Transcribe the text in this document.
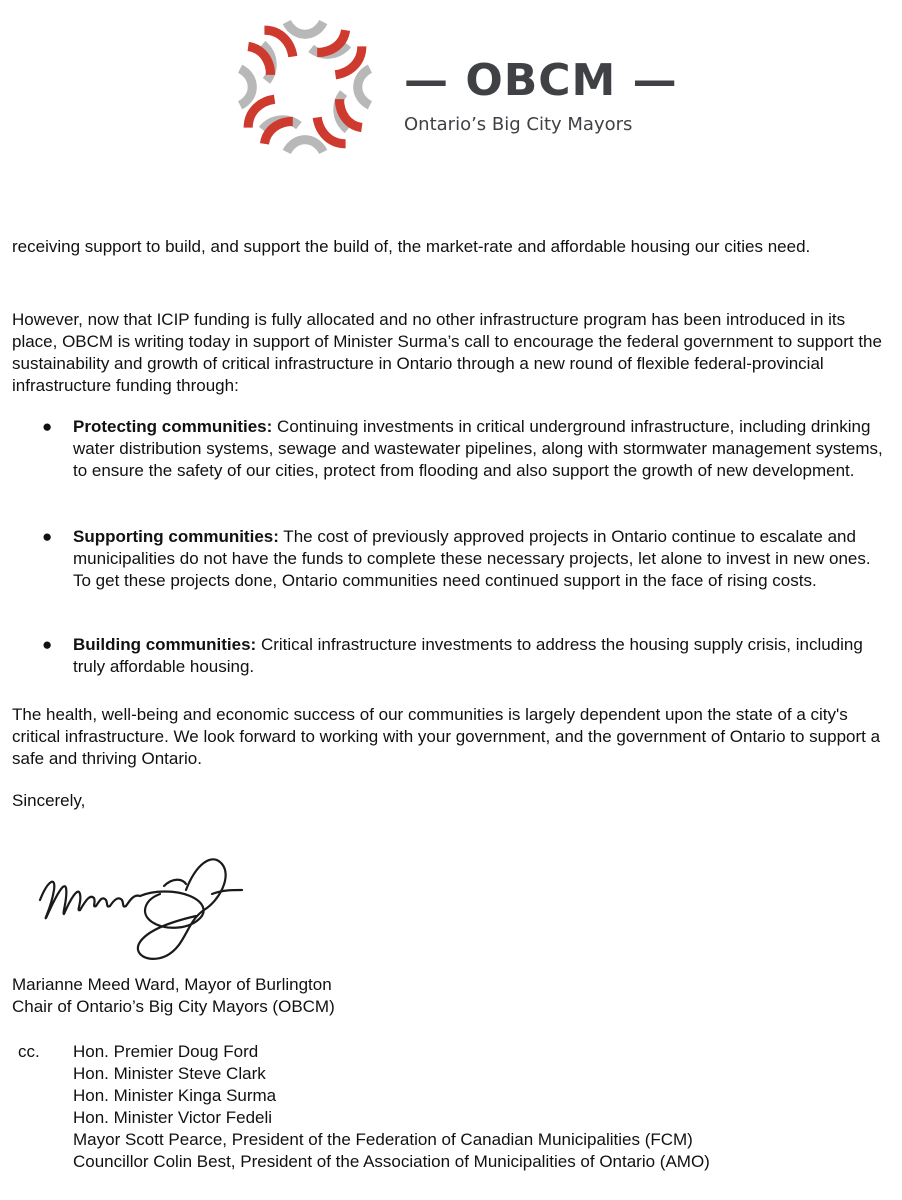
— OBCM —
Ontario’s Big City Mayors
receiving support to build, and support the build of, the market-rate and affordable housing our cities need.
However, now that ICIP funding is fully allocated and no other infrastructure program has been introduced in its place, OBCM is writing today in support of Minister Surma’s call to encourage the federal government to support the sustainability and growth of critical infrastructure in Ontario through a new round of flexible federal-provincial infrastructure funding through:
● Protecting communities: Continuing investments in critical underground infrastructure, including drinking water distribution systems, sewage and wastewater pipelines, along with stormwater management systems, to ensure the safety of our cities, protect from flooding and also support the growth of new development.
● Supporting communities: The cost of previously approved projects in Ontario continue to escalate and municipalities do not have the funds to complete these necessary projects, let alone to invest in new ones. To get these projects done, Ontario communities need continued support in the face of rising costs.
● Building communities: Critical infrastructure investments to address the housing supply crisis, including truly affordable housing.
The health, well-being and economic success of our communities is largely dependent upon the state of a city's critical infrastructure. We look forward to working with your government, and the government of Ontario to support a safe and thriving Ontario.
Sincerely,
Marianne Meed Ward, Mayor of Burlington
Chair of Ontario’s Big City Mayors (OBCM)
cc. Hon. Premier Doug Ford
Hon. Minister Steve Clark
Hon. Minister Kinga Surma
Hon. Minister Victor Fedeli
Mayor Scott Pearce, President of the Federation of Canadian Municipalities (FCM)
Councillor Colin Best, President of the Association of Municipalities of Ontario (AMO)
